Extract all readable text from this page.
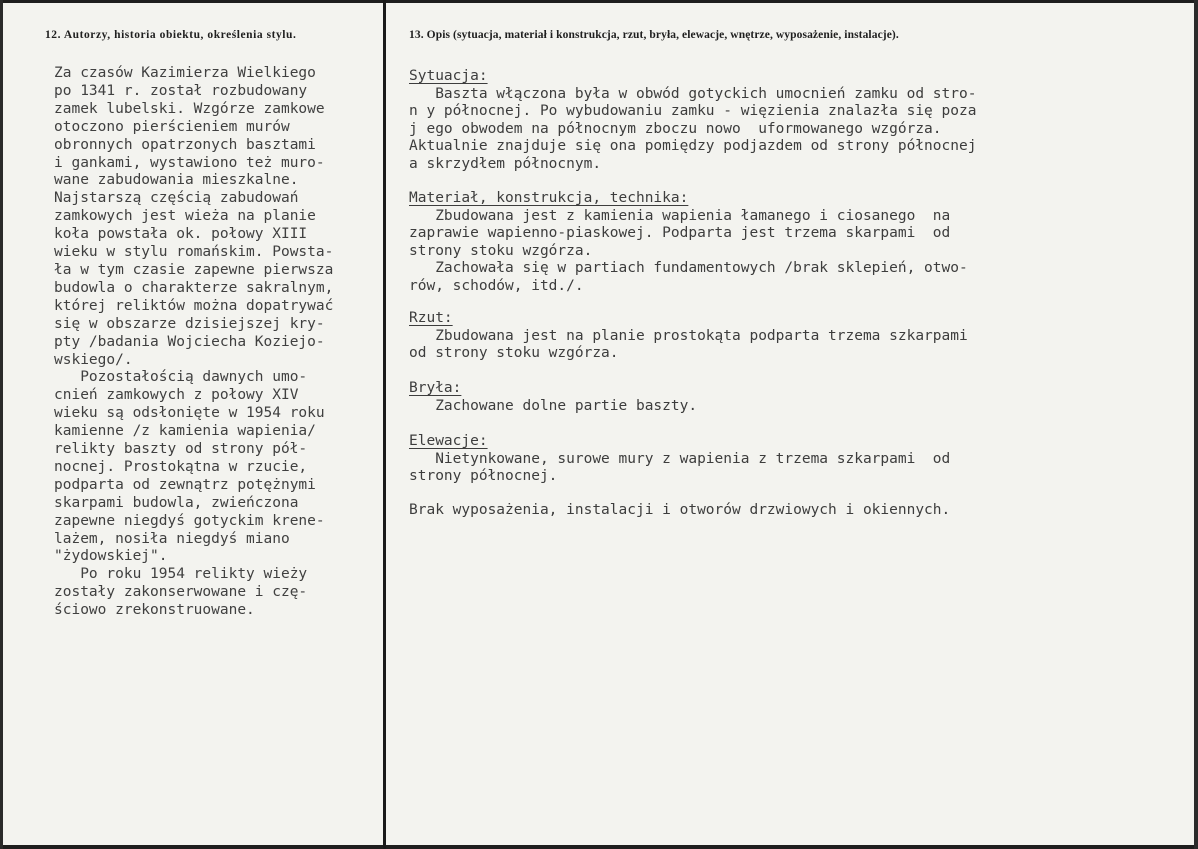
12. Autorzy, historia obiektu, określenia stylu.	13. Opis (sytuacja, materiał i konstrukcja, rzut, bryła, elewacje, wnętrze, wyposażenie, instalacje).
Za czasów Kazimierza Wielkiego
po 1341 r. został rozbudowany
zamek lubelski. Wzgórze zamkowe
otoczono pierścieniem murów
obronnych opatrzonych basztami
i gankami, wystawiono też muro-
wane zabudowania mieszkalne.
Najstarszą częścią zabudowań
zamkowych jest wieża na planie
koła powstała ok. połowy XIII
wieku w stylu romańskim. Powsta-
ła w tym czasie zapewne pierwsza
budowla o charakterze sakralnym,
której reliktów można dopatrywać
się w obszarze dzisiejszej kry-
pty /badania Wojciecha Koziejo-
wskiego/.
Pozostałością dawnych umo-
cnień zamkowych z połowy XIV
wieku są odsłonięte w 1954 roku
kamienne /z kamienia wapienia/
relikty baszty od strony pół-
nocnej. Prostokątna w rzucie,
podparta od zewnątrz potężnymi
skarpami budowla, zwieńczona
zapewne niegdyś gotyckim krene-
lażem, nosiła niegdyś miano
"żydowskiej".
Po roku 1954 relikty wieży
zostały zakonserwowane i czę-
ściowo zrekonstruowane.
Sytuacja:
Baszta włączona była w obwód gotyckich umocnień zamku od stro-
n y północnej. Po wybudowaniu zamku - więzienia znalazła się poza
j ego obwodem na północnym zboczu nowo  uformowanego wzgórza.
Aktualnie znajduje się ona pomiędzy podjazdem od strony północnej
a skrzydłem północnym.
Materiał, konstrukcja, technika:
Zbudowana jest z kamienia wapienia łamanego i ciosanego  na
zaprawie wapienno-piaskowej. Podparta jest trzema skarpami  od
strony stoku wzgórza.
Zachowała się w partiach fundamentowych /brak sklepień, otwo-
rów, schodów, itd./.
Rzut:
Zbudowana jest na planie prostokąta podparta trzema szkarpami
od strony stoku wzgórza.
Bryła:
Zachowane dolne partie baszty.
Elewacje:
Nietynkowane, surowe mury z wapienia z trzema szkarpami  od
strony północnej.
Brak wyposażenia, instalacji i otworów drzwiowych i okiennych.
